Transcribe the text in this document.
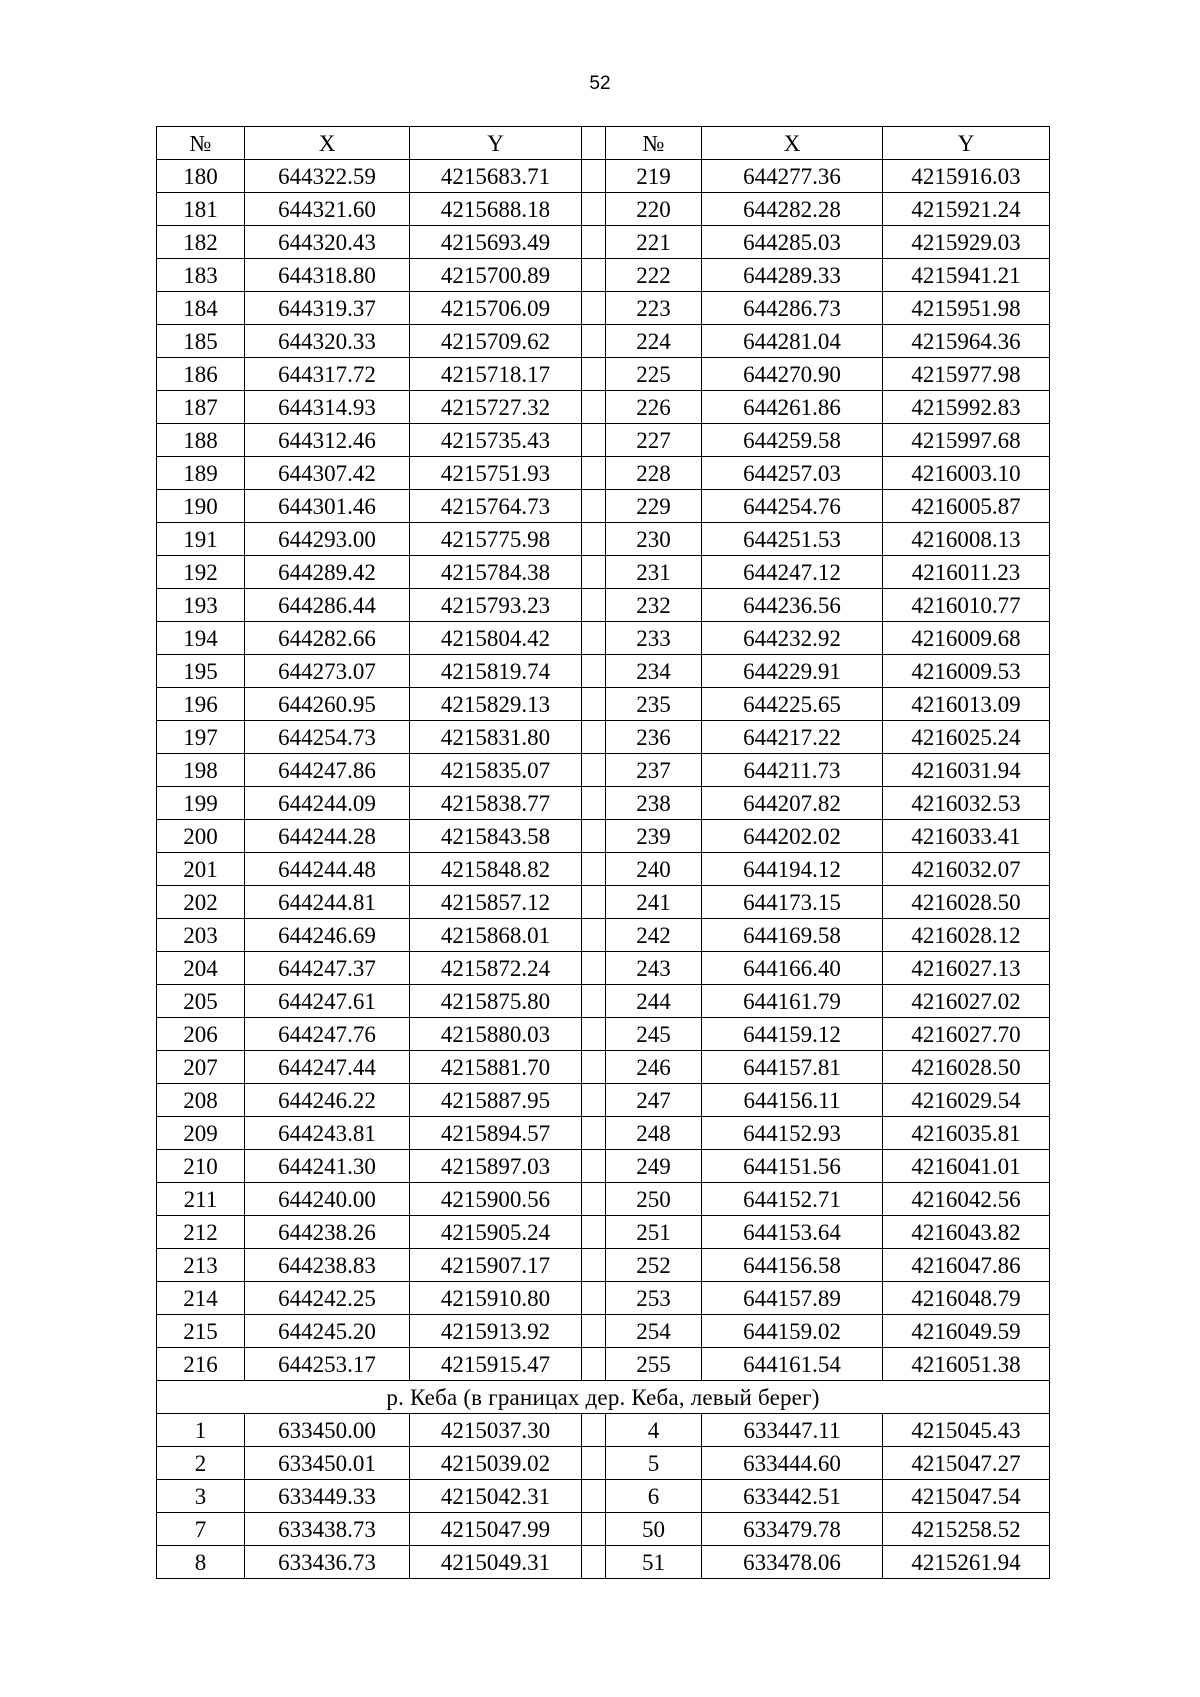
52
№	X	Y		№	X	Y
180	644322.59	4215683.71		219	644277.36	4215916.03
181	644321.60	4215688.18		220	644282.28	4215921.24
182	644320.43	4215693.49		221	644285.03	4215929.03
183	644318.80	4215700.89		222	644289.33	4215941.21
184	644319.37	4215706.09		223	644286.73	4215951.98
185	644320.33	4215709.62		224	644281.04	4215964.36
186	644317.72	4215718.17		225	644270.90	4215977.98
187	644314.93	4215727.32		226	644261.86	4215992.83
188	644312.46	4215735.43		227	644259.58	4215997.68
189	644307.42	4215751.93		228	644257.03	4216003.10
190	644301.46	4215764.73		229	644254.76	4216005.87
191	644293.00	4215775.98		230	644251.53	4216008.13
192	644289.42	4215784.38		231	644247.12	4216011.23
193	644286.44	4215793.23		232	644236.56	4216010.77
194	644282.66	4215804.42		233	644232.92	4216009.68
195	644273.07	4215819.74		234	644229.91	4216009.53
196	644260.95	4215829.13		235	644225.65	4216013.09
197	644254.73	4215831.80		236	644217.22	4216025.24
198	644247.86	4215835.07		237	644211.73	4216031.94
199	644244.09	4215838.77		238	644207.82	4216032.53
200	644244.28	4215843.58		239	644202.02	4216033.41
201	644244.48	4215848.82		240	644194.12	4216032.07
202	644244.81	4215857.12		241	644173.15	4216028.50
203	644246.69	4215868.01		242	644169.58	4216028.12
204	644247.37	4215872.24		243	644166.40	4216027.13
205	644247.61	4215875.80		244	644161.79	4216027.02
206	644247.76	4215880.03		245	644159.12	4216027.70
207	644247.44	4215881.70		246	644157.81	4216028.50
208	644246.22	4215887.95		247	644156.11	4216029.54
209	644243.81	4215894.57		248	644152.93	4216035.81
210	644241.30	4215897.03		249	644151.56	4216041.01
211	644240.00	4215900.56		250	644152.71	4216042.56
212	644238.26	4215905.24		251	644153.64	4216043.82
213	644238.83	4215907.17		252	644156.58	4216047.86
214	644242.25	4215910.80		253	644157.89	4216048.79
215	644245.20	4215913.92		254	644159.02	4216049.59
216	644253.17	4215915.47		255	644161.54	4216051.38
р. Кеба (в границах дер. Кеба, левый берег)						
1	633450.00	4215037.30		4	633447.11	4215045.43
2	633450.01	4215039.02		5	633444.60	4215047.27
3	633449.33	4215042.31		6	633442.51	4215047.54
7	633438.73	4215047.99		50	633479.78	4215258.52
8	633436.73	4215049.31		51	633478.06	4215261.94
